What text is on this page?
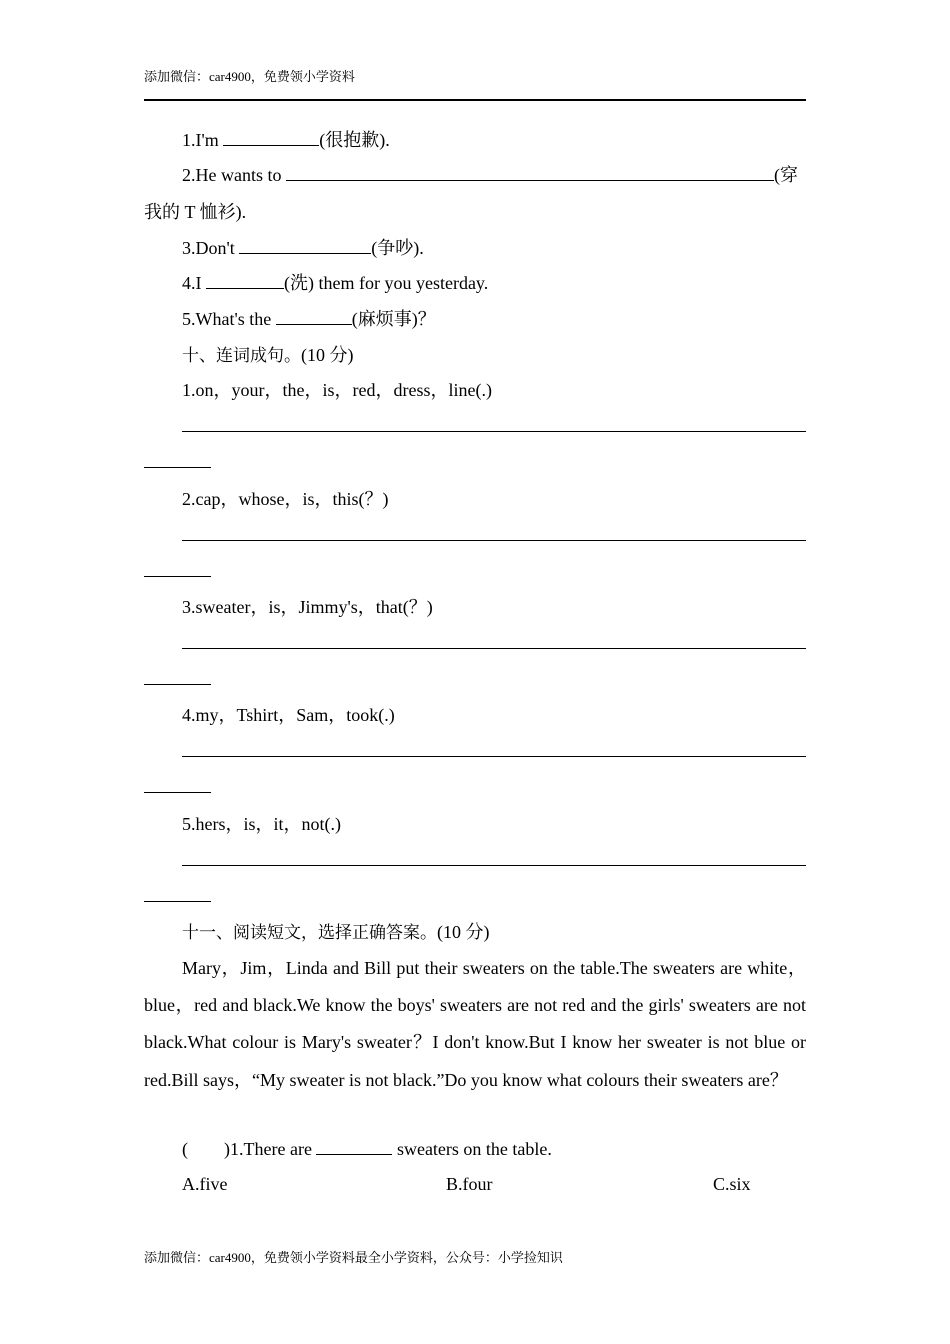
添加微信：car4900，免费领小学资料
1.I'm	(很抱歉).
2.He wants to	(穿
我的 T 恤衫).
3.Don't	(争吵).
4.I	(洗) them for you yesterday.
5.What's the	(麻烦事)？
十、连词成句。(10 分)
1.on，your，the，is，red，dress，line(.)
2.cap，whose，is，this(？)
3.sweater，is，Jimmy's，that(？)
4.my，Tshirt，Sam，took(.)
5.hers，is，it，not(.)
十一、阅读短文，选择正确答案。(10 分)
Mary，Jim，Linda and Bill put their sweaters on the table.The sweaters are white，blue，red and black.We know the boys' sweaters are not red and the girls' sweaters are not black.What colour is Mary's sweater？I don't know.But I know her sweater is not blue or red.Bill says，“My sweater is not black.”Do you know what colours their sweaters are？
(        )1.There are	sweaters on the table.
A.five	B.four	C.six
添加微信：car4900，免费领小学资料最全小学资料，公众号：小学捡知识
